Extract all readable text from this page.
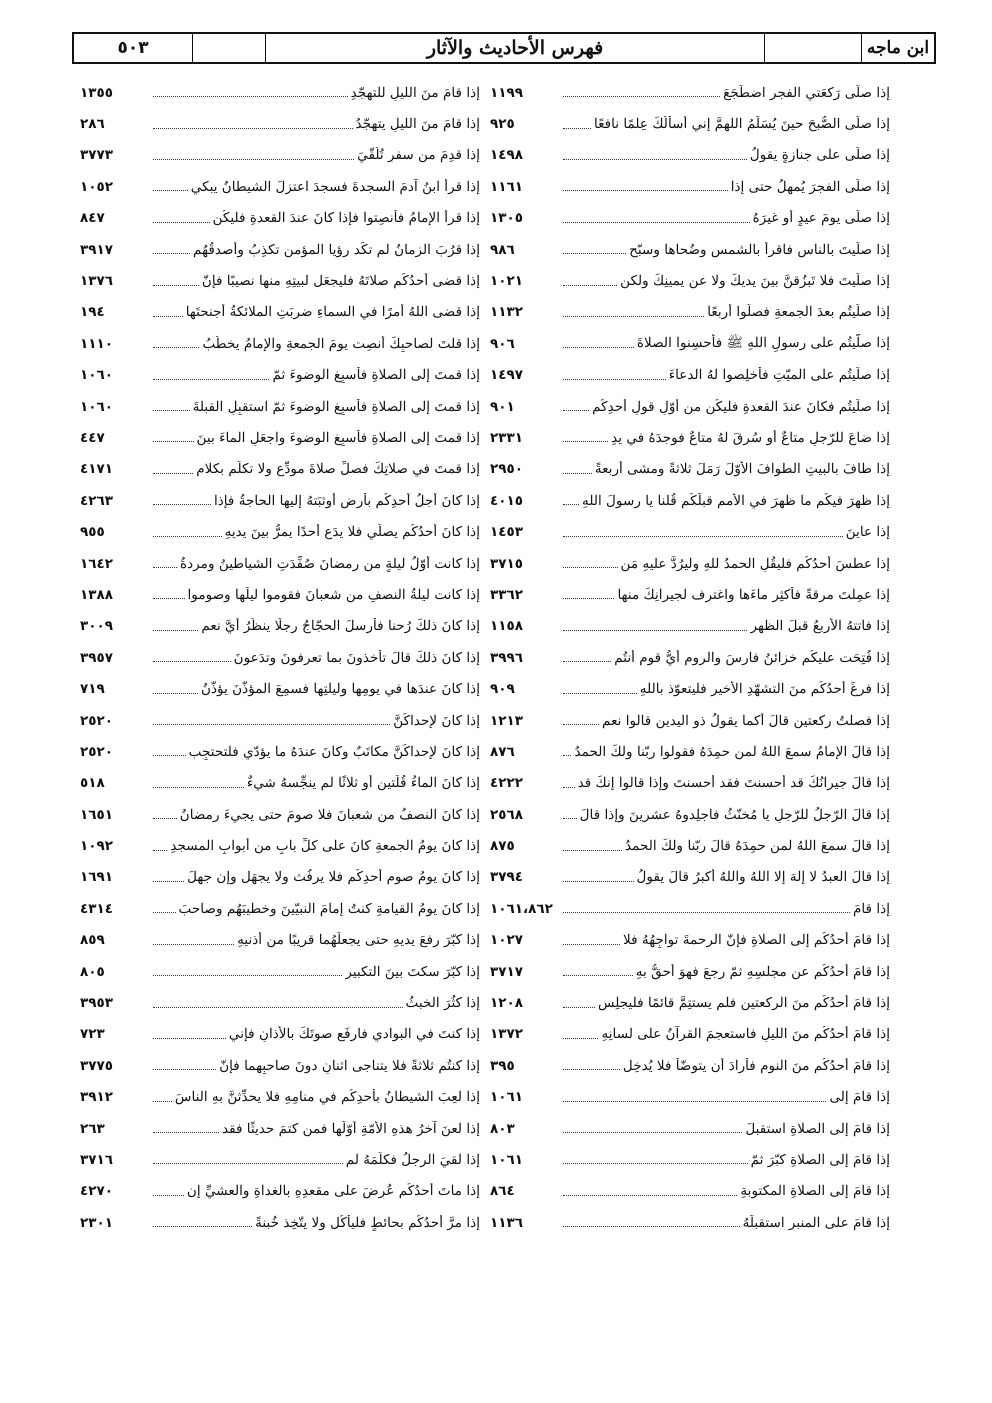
ابن ماجه
فهرس الأحاديث والآثار
٥٠٣
إذا صلّى رَكعَتي الفجرِ اضطَجَعَ
١١٩٩
إذا صلّى الصُّبحَ حينَ يُسَلِّمُ اللهمَّ إني أسألُكَ عِلمًا نافعًا
٩٢٥
إذا صلّى على جنازةٍ يقولُ
١٤٩٨
إذا صلّى الفجرَ يُمهِلُ حتى إذا
١١٦١
إذا صلّى يومَ عيدٍ أو غيرَهُ
١٣٠٥
إذا صلّيتَ بالناسِ فاقرأ بالشمسِ وضُحاها وسبّحِ
٩٨٦
إذا صلّيتَ فلا تَبزُقنَّ بينَ يديكَ ولا عن يمينِكَ ولكن
١٠٢١
إذا صلّيتُم بعدَ الجمعةِ فصلّوا أربعًا
١١٣٢
إذا صلّيتُم على رسولِ اللهِ ﷺ فأحسِنوا الصلاةَ
٩٠٦
إذا صلّيتُم على الميّتِ فأخلِصوا لهُ الدعاءَ
١٤٩٧
إذا صلّيتُم فكانَ عندَ القعدةِ فليكُن من أوّلِ قولِ أحدِكُم
٩٠١
إذا ضاعَ للرّجلِ متاعٌ أو سُرِقَ لهُ متاعٌ فوجدَهُ في يدِ
٢٣٣١
إذا طافَ بالبيتِ الطوافَ الأوّلَ رَمَلَ ثلاثةً ومشى أربعةً
٢٩٥٠
إذا ظهرَ فيكُم ما ظهرَ في الأممِ قبلَكُم قُلنا يا رسولَ اللهِ
٤٠١٥
إذا عاينَ
١٤٥٣
إذا عطسَ أحدُكُم فليقُلِ الحمدُ للهِ وليرُدَّ عليهِ مَن
٣٧١٥
إذا عمِلتَ مرقةً فأكثِر ماءَها واغترِف لجيرانِكَ منها
٣٣٦٢
إذا فاتتهُ الأربعُ قبلَ الظهرِ
١١٥٨
إذا فُتِحَت عليكُم خزائنُ فارسَ والرومِ أيُّ قومٍ أنتُم
٣٩٩٦
إذا فرغَ أحدُكُم منَ التشهّدِ الأخيرِ فليتعوّذ باللهِ
٩٠٩
إذا فصلتُ ركعتينِ قالَ أكما يقولُ ذو اليدينِ قالوا نعم
١٢١٣
إذا قالَ الإمامُ سمعَ اللهُ لمن حمِدَهُ فقولوا ربّنا ولكَ الحمدُ
٨٧٦
إذا قالَ جيرانُكَ قد أحسنتَ فقد أحسنتَ وإذا قالوا إنكَ قد
٤٢٢٢
إذا قالَ الرّجلُ للرّجلِ يا مُخنّثُ فاجلِدوهُ عشرينَ وإذا قالَ
٢٥٦٨
إذا قالَ سمعَ اللهُ لمن حمِدَهُ قالَ ربّنا ولكَ الحمدُ
٨٧٥
إذا قالَ العبدُ لا إلهَ إلا اللهُ واللهُ أكبرُ قالَ يقولُ
٣٧٩٤
إذا قامَ
١٠٦١،٨٦٢
إذا قامَ أحدُكُم إلى الصلاةِ فإنّ الرحمةَ تواجِهُهُ فلا
١٠٢٧
إذا قامَ أحدُكُم عن مجلسِهِ ثمّ رجعَ فهوَ أحقُّ بهِ
٣٧١٧
إذا قامَ أحدُكُم منَ الركعتينِ فلم يستتِمَّ قائمًا فليجلِس
١٢٠٨
إذا قامَ أحدُكُم منَ الليلِ فاستعجمَ القرآنُ على لسانِهِ
١٣٧٢
إذا قامَ أحدُكُم منَ النومِ فأرادَ أن يتوضّأ فلا يُدخِل
٣٩٥
إذا قامَ إلى
١٠٦١
إذا قامَ إلى الصلاةِ استقبلَ
٨٠٣
إذا قامَ إلى الصلاةِ كبّرَ ثمّ
١٠٦١
إذا قامَ إلى الصلاةِ المكتوبةِ
٨٦٤
إذا قامَ على المنبرِ استقبلَهُ
١١٣٦
إذا قامَ منَ الليلِ للتهجّدِ
١٣٥٥
إذا قامَ منَ الليلِ يتهجّدُ
٢٨٦
إذا قدِمَ من سفرٍ تُلُقّيَ
٣٧٧٣
إذا قرأَ ابنُ آدمَ السجدةَ فسجدَ اعتزلَ الشيطانُ يبكي
١٠٥٢
إذا قرأَ الإمامُ فأنصِتوا فإذا كانَ عندَ القعدةِ فليكُن
٨٤٧
إذا قرُبَ الزمانُ لم تكَد رؤيا المؤمنِ تكذِبُ وأصدقُهُم
٣٩١٧
إذا قضى أحدُكُم صلاتَهُ فليجعَل لبيتِهِ منها نصيبًا فإنّ
١٣٧٦
إذا قضى اللهُ أمرًا في السماءِ ضربَتِ الملائكةُ أجنحتَها
١٩٤
إذا قلتَ لصاحبِكَ أنصِت يومَ الجمعةِ والإمامُ يخطُبُ
١١١٠
إذا قمتَ إلى الصلاةِ فأسبِغِ الوضوءَ ثمّ
١٠٦٠
إذا قمتَ إلى الصلاةِ فأسبِغِ الوضوءَ ثمّ استقبِلِ القبلةَ
١٠٦٠
إذا قمتَ إلى الصلاةِ فأسبِغِ الوضوءَ واجعَلِ الماءَ بينَ
٤٤٧
إذا قمتَ في صلاتِكَ فصلِّ صلاةَ مودِّعٍ ولا تكلّم بكلامٍ
٤١٧١
إذا كانَ أجلُ أحدِكُم بأرضٍ أوثبَتهُ إليها الحاجةُ فإذا
٤٢٦٣
إذا كانَ أحدُكُم يصلّي فلا يدَع أحدًا يمرُّ بينَ يديهِ
٩٥٥
إذا كانت أوّلُ ليلةٍ من رمضانَ صُفِّدَتِ الشياطينُ ومردةُ
١٦٤٢
إذا كانت ليلةُ النصفِ من شعبانَ فقوموا ليلَها وصوموا
١٣٨٨
إذا كانَ ذلكَ رُحنا فأرسلَ الحجّاجُ رجلًا ينظُرُ أيَّ نعم
٣٠٠٩
إذا كانَ ذلكَ قالَ تأخذونَ بما تعرِفونَ وتدَعونَ
٣٩٥٧
إذا كانَ عندَها في يومِها وليلتِها فسمِعَ المؤذّنَ يؤذّنُ
٧١٩
إذا كانَ لإحداكُنَّ
٢٥٢٠
إذا كانَ لإحداكُنَّ مكاتَبٌ وكانَ عندَهُ ما يؤدّي فلتحتجِب
٢٥٢٠
إذا كانَ الماءُ قُلّتينِ أو ثلاثًا لم ينجِّسهُ شيءٌ
٥١٨
إذا كانَ النصفُ من شعبانَ فلا صومَ حتى يجيءَ رمضانُ
١٦٥١
إذا كانَ يومُ الجمعةِ كانَ على كلِّ بابٍ من أبوابِ المسجدِ
١٠٩٢
إذا كانَ يومُ صومِ أحدِكُم فلا يرفُث ولا يجهَل وإن جهِلَ
١٦٩١
إذا كانَ يومُ القيامةِ كنتُ إمامَ النبيّينَ وخطيبَهُم وصاحبَ
٤٣١٤
إذا كبّرَ رفعَ يديهِ حتى يجعلَهُما قريبًا من أذنيهِ
٨٥٩
إذا كبّرَ سكتَ بينَ التكبيرِ
٨٠٥
إذا كثُرَ الخبثُ
٣٩٥٣
إذا كنتَ في البوادي فارفَع صوتَكَ بالأذانِ فإني
٧٢٣
إذا كنتُم ثلاثةً فلا يتناجى اثنانِ دونَ صاحبِهِما فإنّ
٣٧٧٥
إذا لعِبَ الشيطانُ بأحدِكُم في منامِهِ فلا يحدِّثنَّ بهِ الناسَ
٣٩١٢
إذا لعنَ آخرُ هذهِ الأمّةِ أوّلَها فمن كتمَ حديثًا فقد
٢٦٣
إذا لقيَ الرجلُ فكلّمَهُ لم
٣٧١٦
إذا ماتَ أحدُكُم عُرِضَ على مقعدِهِ بالغداةِ والعشيِّ إن
٤٢٧٠
إذا مرَّ أحدُكُم بحائطٍ فليأكُل ولا يتّخِذ خُبنةً
٢٣٠١
